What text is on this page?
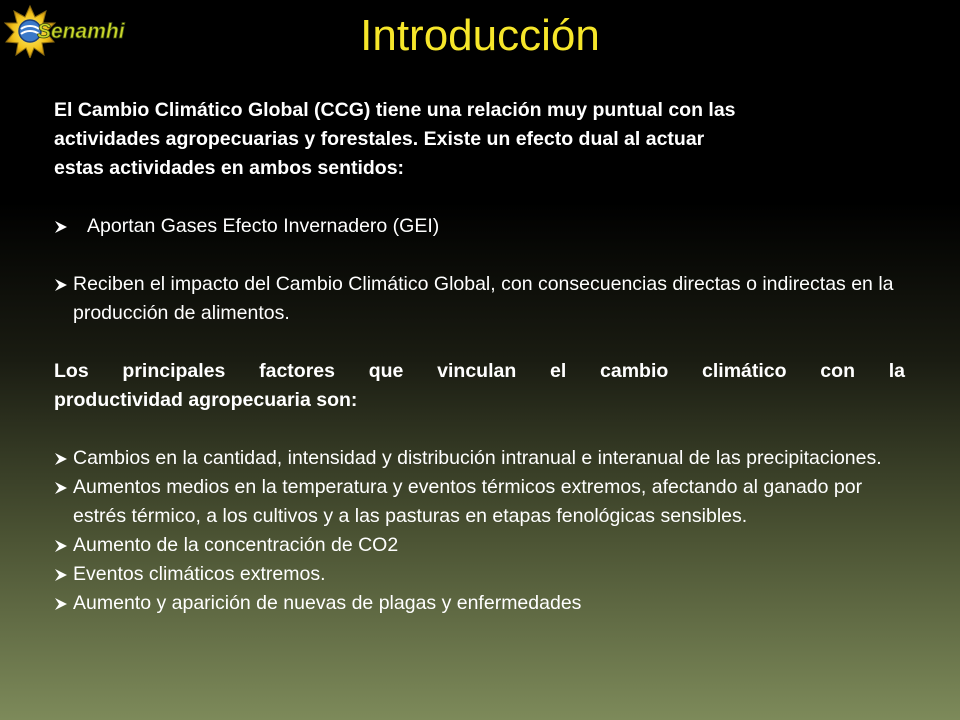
Senamhi	Introducción

El Cambio Climático Global (CCG) tiene una relación muy puntual con las
actividades agropecuarias y forestales. Existe un efecto dual al actuar
estas actividades en ambos sentidos:

Aportan Gases Efecto Invernadero (GEI)
Reciben el impacto del Cambio Climático Global, con consecuencias directas o indirectas en la producción de alimentos.
Los principales factores que vinculan el cambio climático con la
productividad agropecuaria son:
Cambios en la cantidad, intensidad y distribución intranual e interanual de las precipitaciones.
Aumentos medios en la temperatura y eventos térmicos extremos, afectando al ganado por estrés térmico, a los cultivos y a las pasturas en etapas fenológicas sensibles.
Aumento de la concentración de CO2
Eventos climáticos extremos.
Aumento y aparición de nuevas de plagas y enfermedades
